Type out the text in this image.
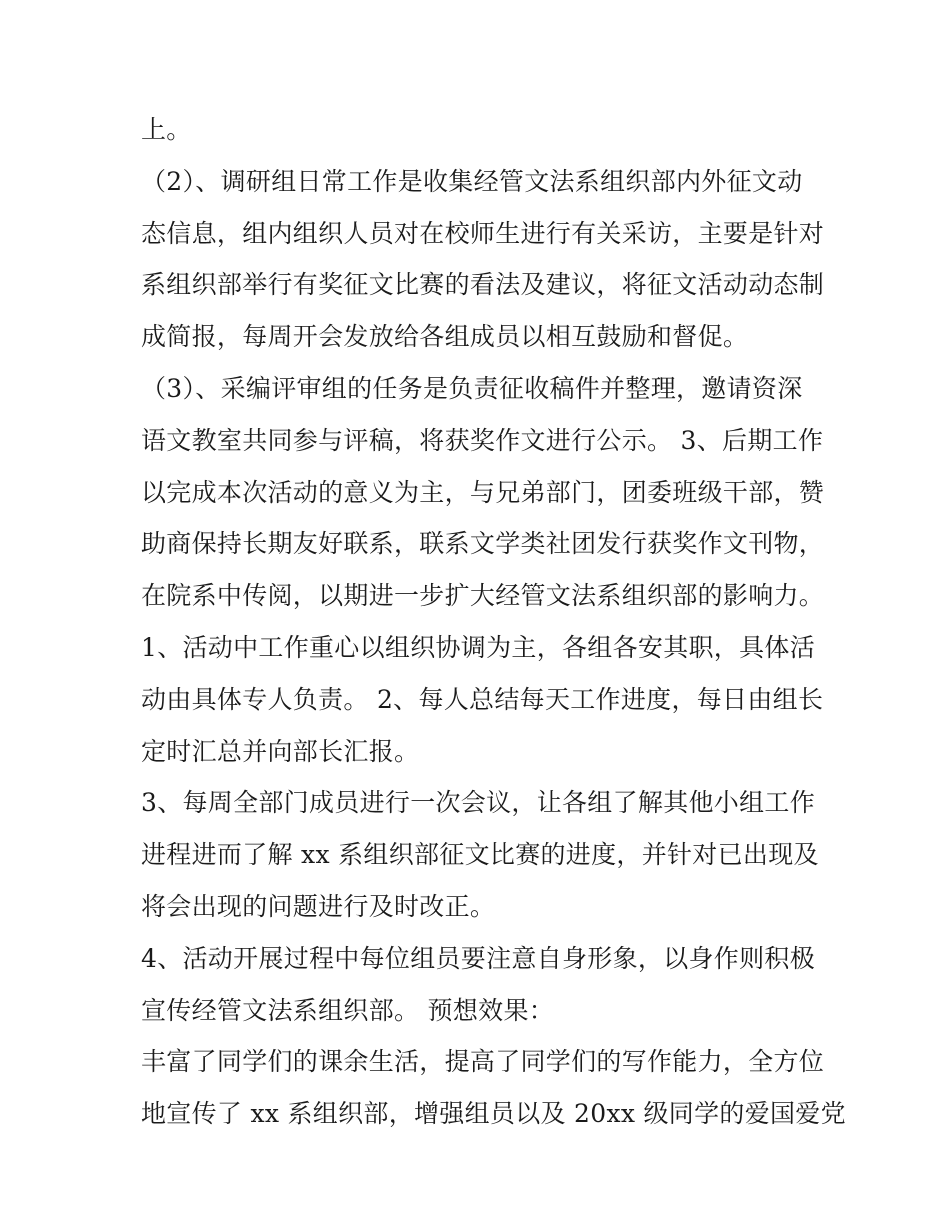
上。
（2）、调研组日常工作是收集经管文法系组织部内外征文动
态信息，组内组织人员对在校师生进行有关采访，主要是针对
系组织部举行有奖征文比赛的看法及建议，将征文活动动态制
成简报，每周开会发放给各组成员以相互鼓励和督促。
（3）、采编评审组的任务是负责征收稿件并整理，邀请资深
语文教室共同参与评稿，将获奖作文进行公示。 3、后期工作
以完成本次活动的意义为主，与兄弟部门，团委班级干部，赞
助商保持长期友好联系，联系文学类社团发行获奖作文刊物，
在院系中传阅，以期进一步扩大经管文法系组织部的影响力。
1、活动中工作重心以组织协调为主，各组各安其职，具体活
动由具体专人负责。 2、每人总结每天工作进度，每日由组长
定时汇总并向部长汇报。
3、每周全部门成员进行一次会议，让各组了解其他小组工作
进程进而了解 xx 系组织部征文比赛的进度，并针对已出现及
将会出现的问题进行及时改正。
4、活动开展过程中每位组员要注意自身形象，以身作则积极
宣传经管文法系组织部。 预想效果：
丰富了同学们的课余生活，提高了同学们的写作能力，全方位
地宣传了 xx 系组织部，增强组员以及 20xx 级同学的爱国爱党
